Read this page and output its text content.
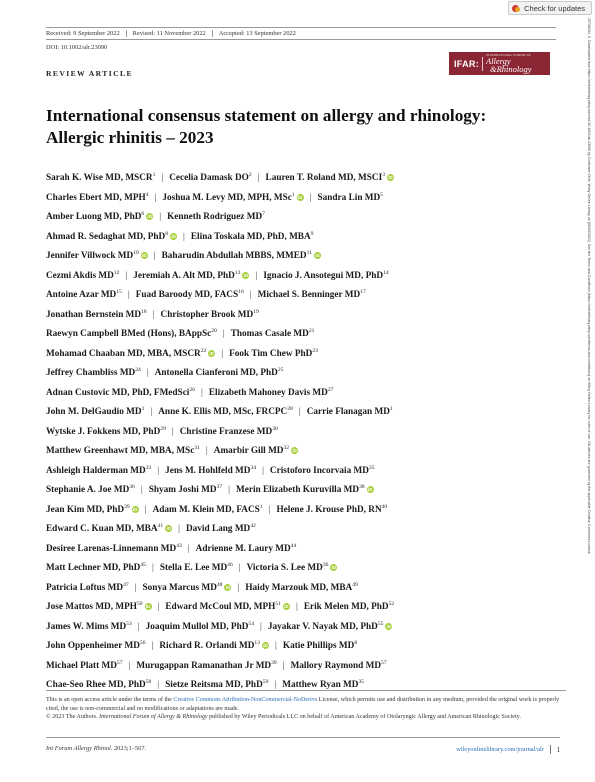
Check for updates
25738284, 0, Downloaded from https://onlinelibrary.wiley.com/doi/10.1002/alr.23090 by Cochrane Chile, Wiley Online Library on [06/03/2023]. See the Terms and Conditions (https://onlinelibrary.wiley.com/terms-and-conditions) on Wiley Online Library for rules of use; OA articles are governed by the applicable Creative Commons License
Received: 9 September 2022	Revised: 11 November 2022	Accepted: 13 September 2022
DOI: 10.1002/alr.23090
REVIEW ARTICLE
IFAR:
INTERNATIONAL FORUM OF
Allergy
&Rhinology
International consensus statement on allergy and rhinology: Allergic rhinitis – 2023
Sarah K. Wise MD, MSCR$^1$ | Cecelia Damask $DO^2$ | Lauren T. Roland MD, MSCI$^3$ iD
Charles Ebert MD, MPH$^4$ | Joshua M. Levy MD, MPH, MSc$^1$ iD | Sandra Lin $MD^5$
Amber Luong MD, PhD$^6$ iD | Kenneth Rodriguez $MD^7$
Ahmad R. Sedaghat MD, PhD$^8$ iD | Elina Toskala MD, PhD, MBA$^9$
Jennifer Villwock MD$^{10}$ iD | Baharudin Abdullah MBBS, MMED$^{11}$ iD
Cezmi Akdis MD$^{12}$ | Jeremiah A. Alt MD, PhD$^{13}$ iD | Ignacio J. Ansotegui MD, PhD$^{14}$
Antoine Azar MD$^{15}$ | Fuad Baroody MD, FACS$^{16}$ | Michael S. Benninger MD$^{17}$
Jonathan Bernstein MD$^{18}$ | Christopher Brook MD$^{19}$
Raewyn Campbell BMed (Hons), BAppSc$^{20}$ | Thomas Casale MD$^{21}$
Mohamad Chaaban MD, MBA, MSCR$^{22}$ iD | Fook Tim Chew PhD$^{23}$
Jeffrey Chambliss MD$^{24}$ | Antonella Cianferoni MD, PhD$^{25}$
Adnan Custovic MD, PhD, FMedSci$^{26}$ | Elizabeth Mahoney Davis MD$^{27}$
John M. DelGaudio $MD^1$ | Anne K. Ellis MD, MSc, FRCPC$^{28}$ | Carrie Flanagan $MD^1$
Wytske J. Fokkens MD, PhD$^{29}$ | Christine Franzese MD$^{30}$
Matthew Greenhawt MD, MBA, MSc$^{31}$ | Amarbir Gill MD$^{32}$ iD
Ashleigh Halderman MD$^{33}$ | Jens M. Hohlfeld MD$^{34}$ | Cristoforo Incorvaia MD$^{35}$
Stephanie A. Joe MD$^{36}$ | Shyam Joshi MD$^{37}$ | Merin Elizabeth Kuruvilla MD$^{38}$ iD
Jean Kim MD, PhD$^{39}$ iD | Adam M. Klein MD, FACS$^1$ | Helene J. Krouse PhD, RN$^{40}$
Edward C. Kuan MD, MBA$^{41}$ iD | David Lang MD$^{42}$
Desiree Larenas-Linnemann MD$^{43}$ | Adrienne M. Laury MD$^{44}$
Matt Lechner MD, PhD$^{45}$ | Stella E. Lee MD$^{46}$ | Victoria S. Lee MD$^{36}$ iD
Patricia Loftus MD$^{47}$ | Sonya Marcus MD$^{48}$ iD | Haidy Marzouk MD, MBA$^{49}$
Jose Mattos MD, MPH$^{50}$ iD | Edward McCoul MD, MPH$^{51}$ iD | Erik Melen MD, PhD$^{52}$
James W. Mims MD$^{53}$ | Joaquim Mullol MD, PhD$^{54}$ | Jayakar V. Nayak MD, PhD$^{55}$ iD
John Oppenheimer MD$^{56}$ | Richard R. Orlandi MD$^{13}$ iD | Katie Phillips $MD^8$
Michael Platt MD$^{57}$ | Murugappan Ramanathan Jr MD$^{39}$ | Mallory Raymond MD$^{57}$
Chae-Seo Rhee MD, PhD$^{58}$ | Sietze Reitsma MD, PhD$^{59}$ | Matthew Ryan MD$^{35}$

This is an open access article under the terms of the Creative Commons Attribution-NonCommercial-NoDerivs License, which permits use and distribution in any medium, provided the original work is properly cited, the use is non-commercial and no modifications or adaptations are made.

© 2023 The Authors. International Forum of Allergy & Rhinology published by Wiley Periodicals LLC on behalf of American Academy of Otolaryngic Allergy and American Rhinologic Society.

Int Forum Allergy Rhinol. 2023;1–567.	wileyonlinelibrary.com/journal/alr 1
